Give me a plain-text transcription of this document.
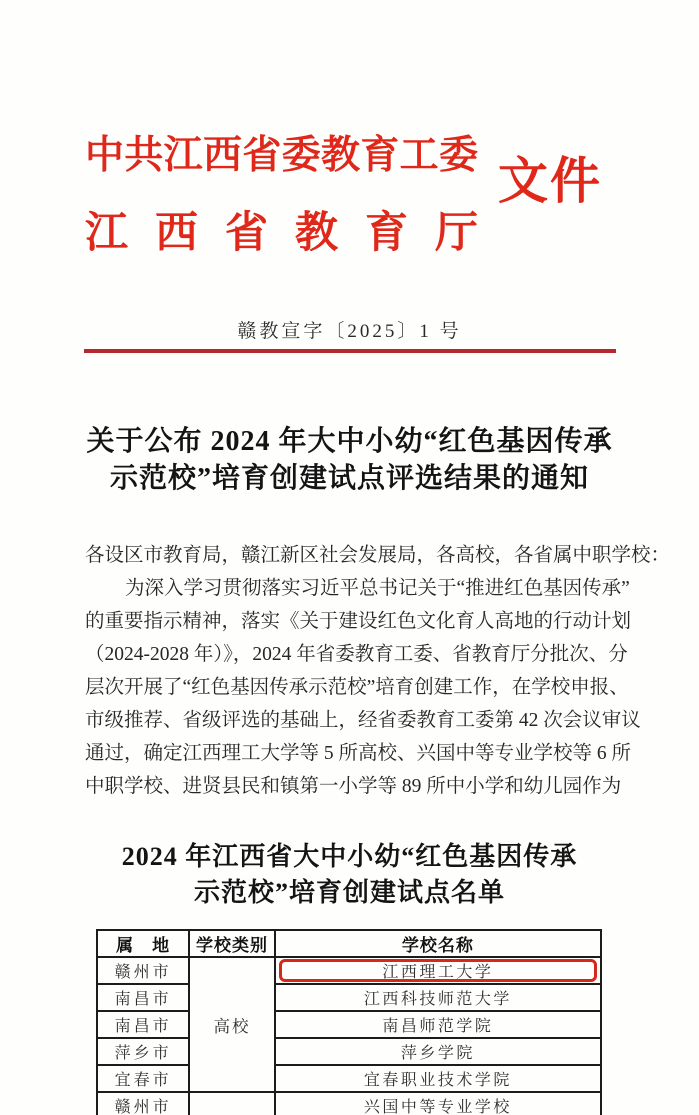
中共江西省委教育工委
江西省教育厅
文件
赣教宣字〔2025〕1 号
关于公布 2024 年大中小幼“红色基因传承
示范校”培育创建试点评选结果的通知
各设区市教育局，赣江新区社会发展局，各高校，各省属中职学校：
为深入学习贯彻落实习近平总书记关于“推进红色基因传承”
的重要指示精神，落实《关于建设红色文化育人高地的行动计划
（2024-2028 年）》，2024 年省委教育工委、省教育厅分批次、分
层次开展了“红色基因传承示范校”培育创建工作，在学校申报、
市级推荐、省级评选的基础上，经省委教育工委第 42 次会议审议
通过，确定江西理工大学等 5 所高校、兴国中等专业学校等 6 所
中职学校、进贤县民和镇第一小学等 89 所中小学和幼儿园作为
2024 年江西省大中小幼“红色基因传承
示范校”培育创建试点名单
属　地	学校类别	学校名称
赣州市	高校	江西理工大学

南昌市		江西科技师范大学
南昌市		南昌师范学院
萍乡市		萍乡学院
宜春市		宜春职业技术学院
赣州市		兴国中等专业学校
